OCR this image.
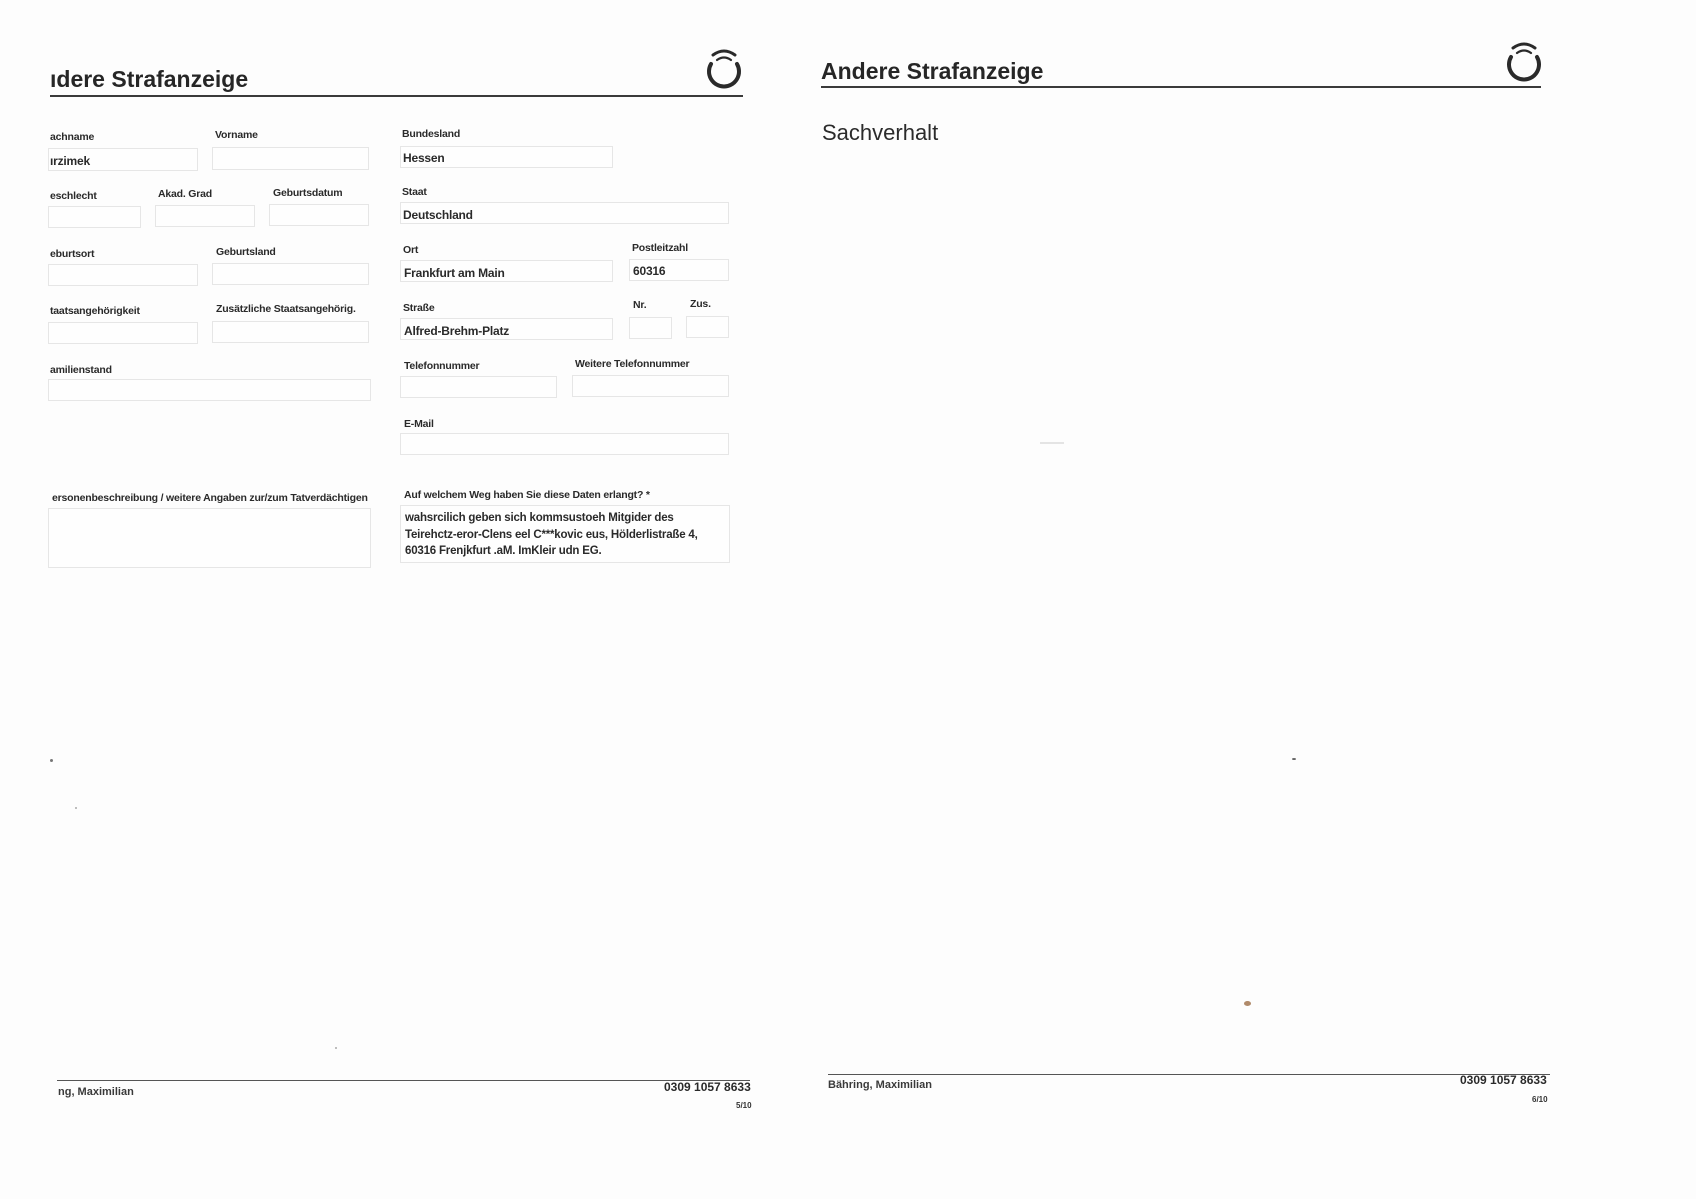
ıdere Strafanzeige
achname
ırzimek
Vorname
eschlecht	Akad. Grad	Geburtsdatum
eburtsort	Geburtsland
taatsangehörigkeit	Zusätzliche Staatsangehörig.
amilienstand
ersonenbeschreibung / weitere Angaben zur/zum Tatverdächtigen
Bundesland
Hessen
Staat
Deutschland
Ort
Frankfurt am Main
Postleitzahl
60316
Straße
Alfred-Brehm-Platz
Nr.	Zus.
Telefonnummer	Weitere Telefonnummer
E-Mail
Auf welchem Weg haben Sie diese Daten erlangt? *
wahsrcilich geben sich kommsustoeh Mitgider des Teirehctz-eror-Clens eel C***kovic eus, Hölderlistraße 4, 60316 Frenjkfurt .aM. ImKleir udn EG.
ng, Maximilian	0309 1057 8633
5/10
Andere Strafanzeige
Sachverhalt
Bähring, Maximilian	0309 1057 8633
6/10
